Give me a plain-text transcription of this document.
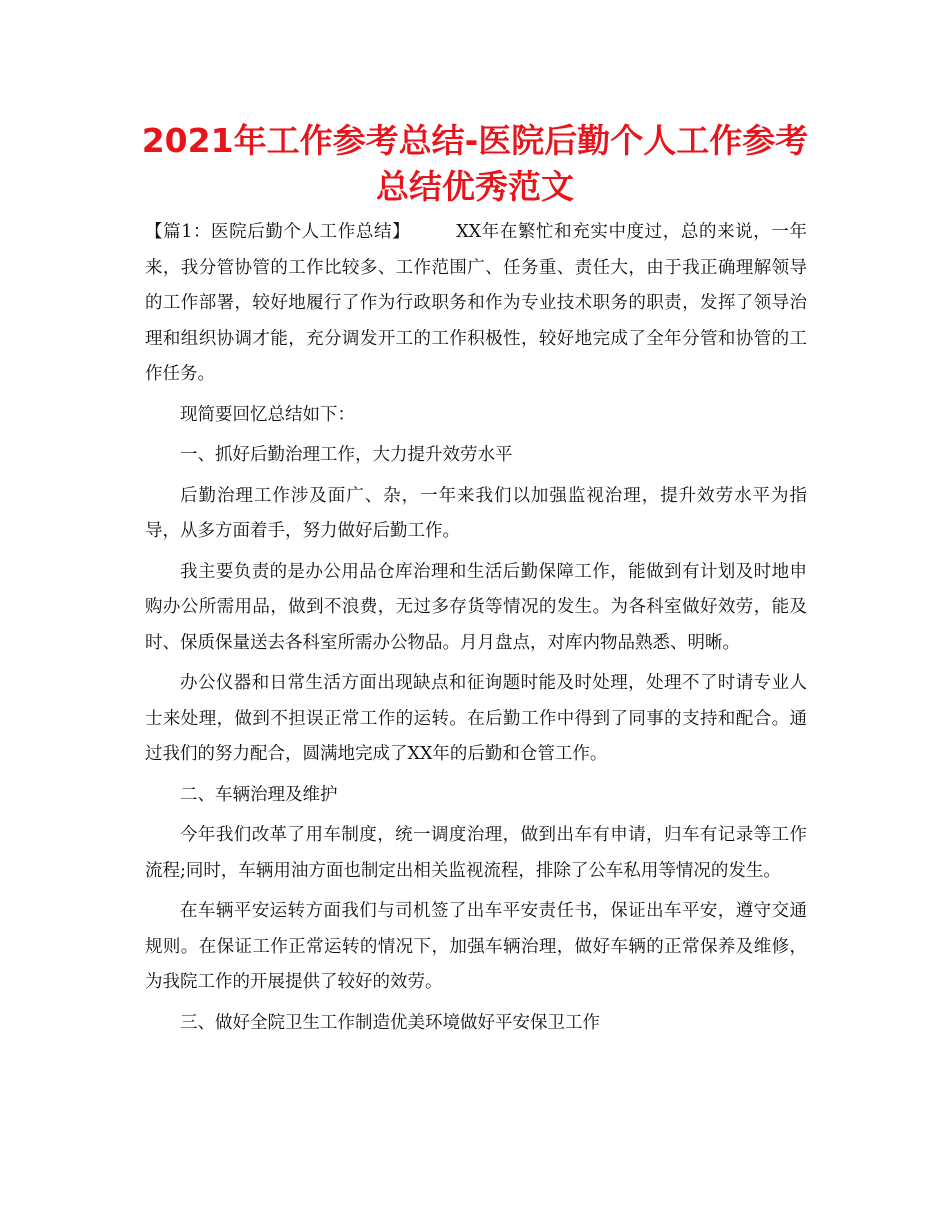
2021年工作参考总结-医院后勤个人工作参考总结优秀范文

【篇1：医院后勤个人工作总结】	XX年在繁忙和充实中度过，总的来说，一年来，我分管协管的工作比较多、工作范围广、任务重、责任大，由于我正确理解领导的工作部署，较好地履行了作为行政职务和作为专业技术职务的职责，发挥了领导治理和组织协调才能，充分调发开工的工作积极性，较好地完成了全年分管和协管的工作任务。

现简要回忆总结如下：

一、抓好后勤治理工作，大力提升效劳水平

后勤治理工作涉及面广、杂，一年来我们以加强监视治理，提升效劳水平为指导，从多方面着手，努力做好后勤工作。

我主要负责的是办公用品仓库治理和生活后勤保障工作，能做到有计划及时地申购办公所需用品，做到不浪费，无过多存货等情况的发生。为各科室做好效劳，能及时、保质保量送去各科室所需办公物品。月月盘点，对库内物品熟悉、明晰。

办公仪器和日常生活方面出现缺点和征询题时能及时处理，处理不了时请专业人士来处理，做到不担误正常工作的运转。在后勤工作中得到了同事的支持和配合。通过我们的努力配合，圆满地完成了XX年的后勤和仓管工作。

二、车辆治理及维护

今年我们改革了用车制度，统一调度治理，做到出车有申请，归车有记录等工作流程;同时，车辆用油方面也制定出相关监视流程，排除了公车私用等情况的发生。

在车辆平安运转方面我们与司机签了出车平安责任书，保证出车平安，遵守交通规则。在保证工作正常运转的情况下，加强车辆治理，做好车辆的正常保养及维修，为我院工作的开展提供了较好的效劳。

三、做好全院卫生工作制造优美环境做好平安保卫工作
